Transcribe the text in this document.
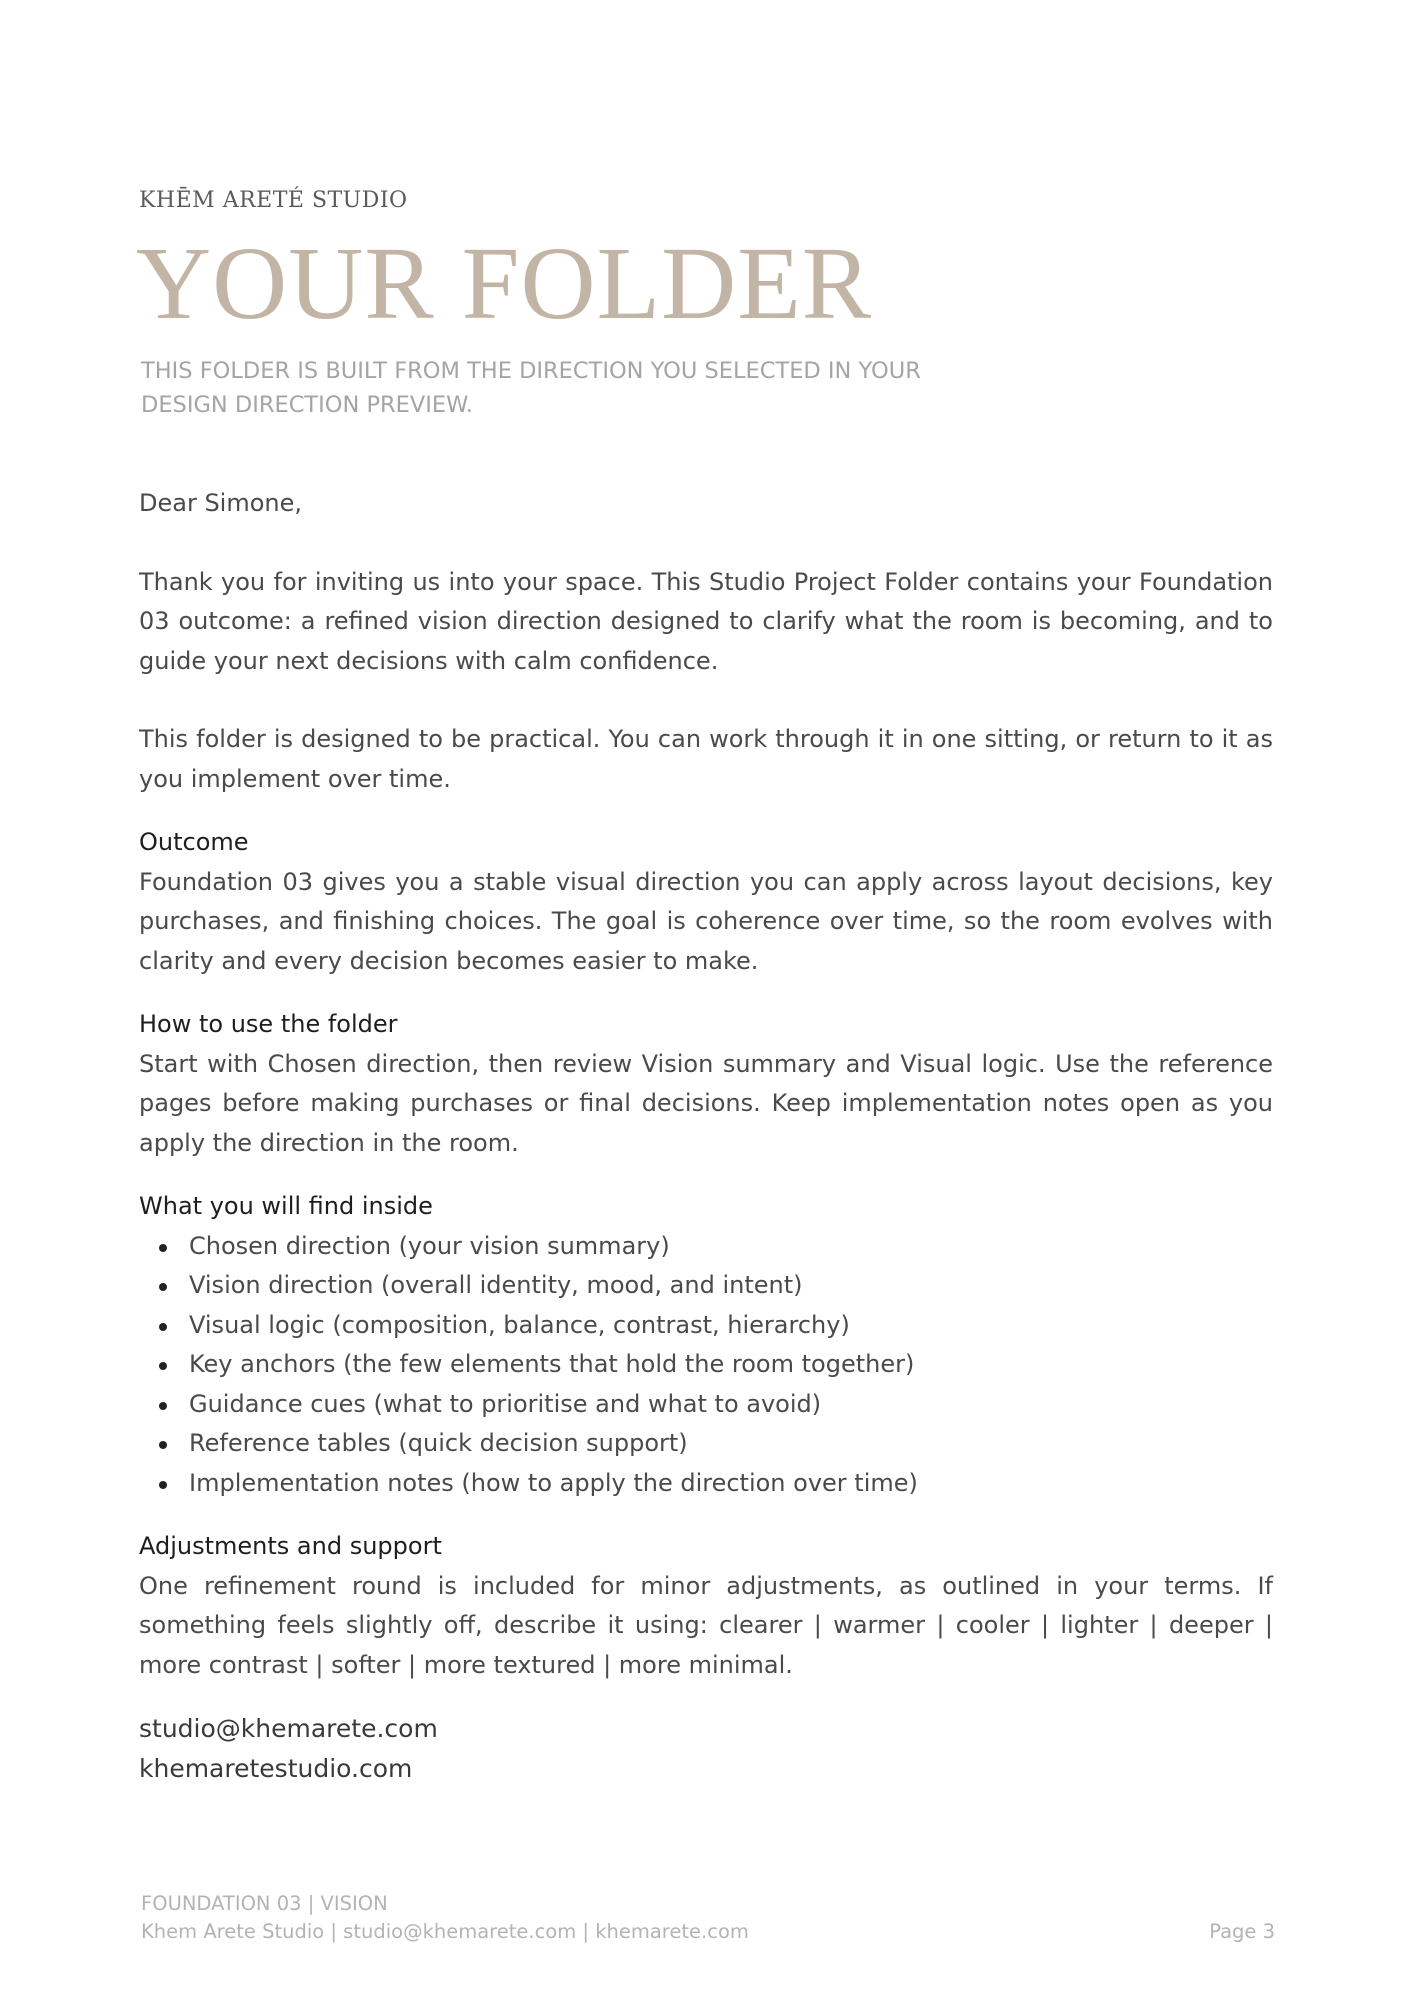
KHĒM ARETÉ STUDIO
YOUR FOLDER
THIS FOLDER IS BUILT FROM THE DIRECTION YOU SELECTED IN YOUR
DESIGN DIRECTION PREVIEW.

Dear Simone,

Thank you for inviting us into your space. This Studio Project Folder contains your Foundation 03 outcome: a refined vision direction designed to clarify what the room is becoming, and to guide your next decisions with calm confidence.

This folder is designed to be practical. You can work through it in one sitting, or return to it as you implement over time.

Outcome

Foundation 03 gives you a stable visual direction you can apply across layout decisions, key purchases, and finishing choices. The goal is coherence over time, so the room evolves with clarity and every decision becomes easier to make.

How to use the folder

Start with Chosen direction, then review Vision summary and Visual logic. Use the reference pages before making purchases or final decisions. Keep implementation notes open as you apply the direction in the room.

What you will find inside
Chosen direction (your vision summary)
Vision direction (overall identity, mood, and intent)
Visual logic (composition, balance, contrast, hierarchy)
Key anchors (the few elements that hold the room together)
Guidance cues (what to prioritise and what to avoid)
Reference tables (quick decision support)
Implementation notes (how to apply the direction over time)
Adjustments and support

One refinement round is included for minor adjustments, as outlined in your terms. If something feels slightly off, describe it using: clearer | warmer | cooler | lighter | deeper | more contrast | softer | more textured | more minimal.

studio@khemarete.com
khemaretestudio.com
FOUNDATION 03 | VISION
Khem Arete Studio | studio@khemarete.com | khemarete.com	Page 3
